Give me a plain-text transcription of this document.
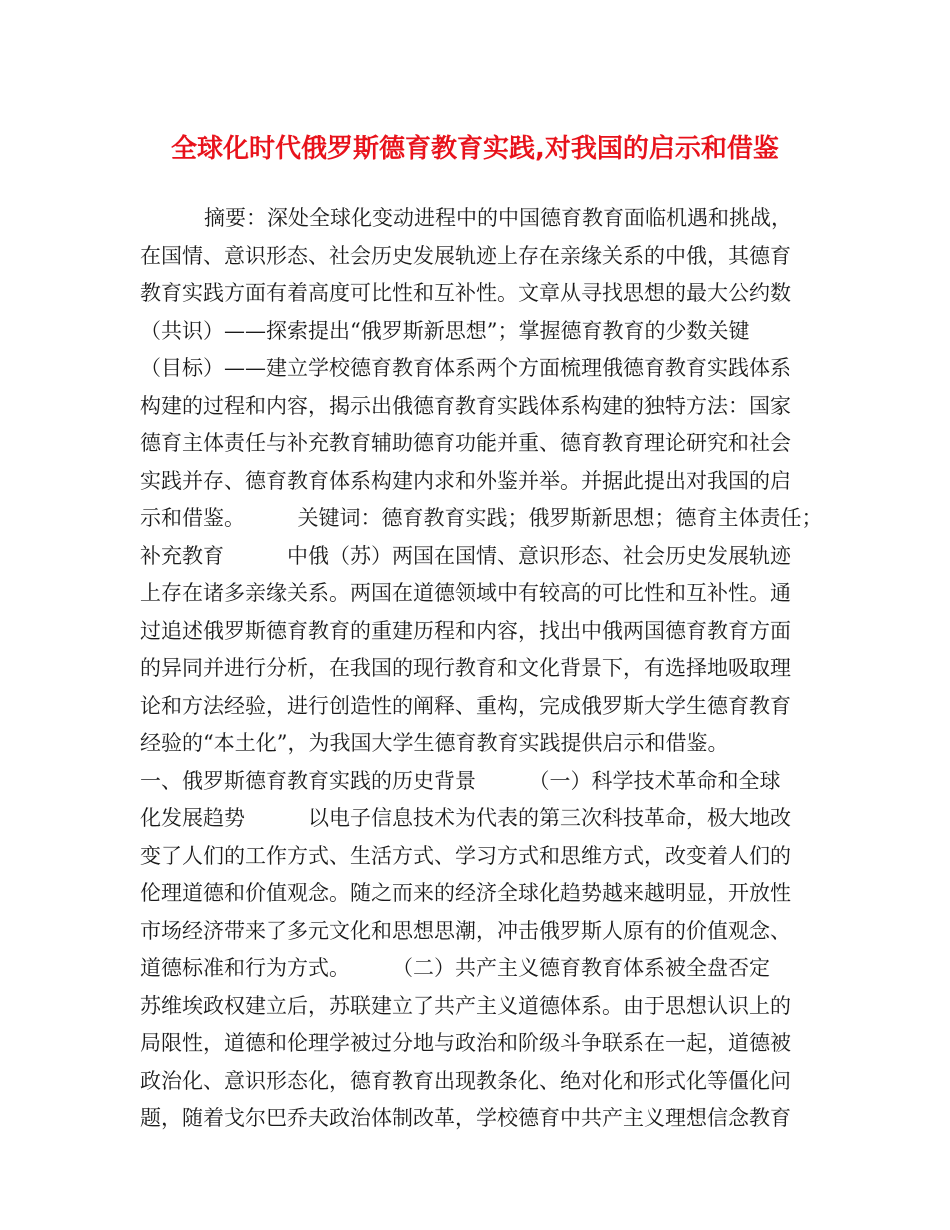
全球化时代俄罗斯德育教育实践,对我国的启示和借鉴
摘要：深处全球化变动进程中的中国德育教育面临机遇和挑战，
在国情、意识形态、社会历史发展轨迹上存在亲缘关系的中俄，其德育
教育实践方面有着高度可比性和互补性。文章从寻找思想的最大公约数
（共识）——探索提出“俄罗斯新思想”；掌握德育教育的少数关键
（目标）——建立学校德育教育体系两个方面梳理俄德育教育实践体系
构建的过程和内容，揭示出俄德育教育实践体系构建的独特方法：国家
德育主体责任与补充教育辅助德育功能并重、德育教育理论研究和社会
实践并存、德育教育体系构建内求和外鉴并举。并据此提出对我国的启
示和借鉴。　　　关键词：德育教育实践；俄罗斯新思想；德育主体责任；
补充教育　　　中俄（苏）两国在国情、意识形态、社会历史发展轨迹
上存在诸多亲缘关系。两国在道德领域中有较高的可比性和互补性。通
过追述俄罗斯德育教育的重建历程和内容，找出中俄两国德育教育方面
的异同并进行分析，在我国的现行教育和文化背景下，有选择地吸取理
论和方法经验，进行创造性的阐释、重构，完成俄罗斯大学生德育教育
经验的“本土化”，为我国大学生德育教育实践提供启示和借鉴。
一、俄罗斯德育教育实践的历史背景　　　（一）科学技术革命和全球
化发展趋势　　　以电子信息技术为代表的第三次科技革命，极大地改
变了人们的工作方式、生活方式、学习方式和思维方式，改变着人们的
伦理道德和价值观念。随之而来的经济全球化趋势越来越明显，开放性
市场经济带来了多元文化和思想思潮，冲击俄罗斯人原有的价值观念、
道德标准和行为方式。　　　（二）共产主义德育教育体系被全盘否定
苏维埃政权建立后，苏联建立了共产主义道德体系。由于思想认识上的
局限性，道德和伦理学被过分地与政治和阶级斗争联系在一起，道德被
政治化、意识形态化，德育教育出现教条化、绝对化和形式化等僵化问
题，随着戈尔巴乔夫政治体制改革，学校德育中共产主义理想信念教育
